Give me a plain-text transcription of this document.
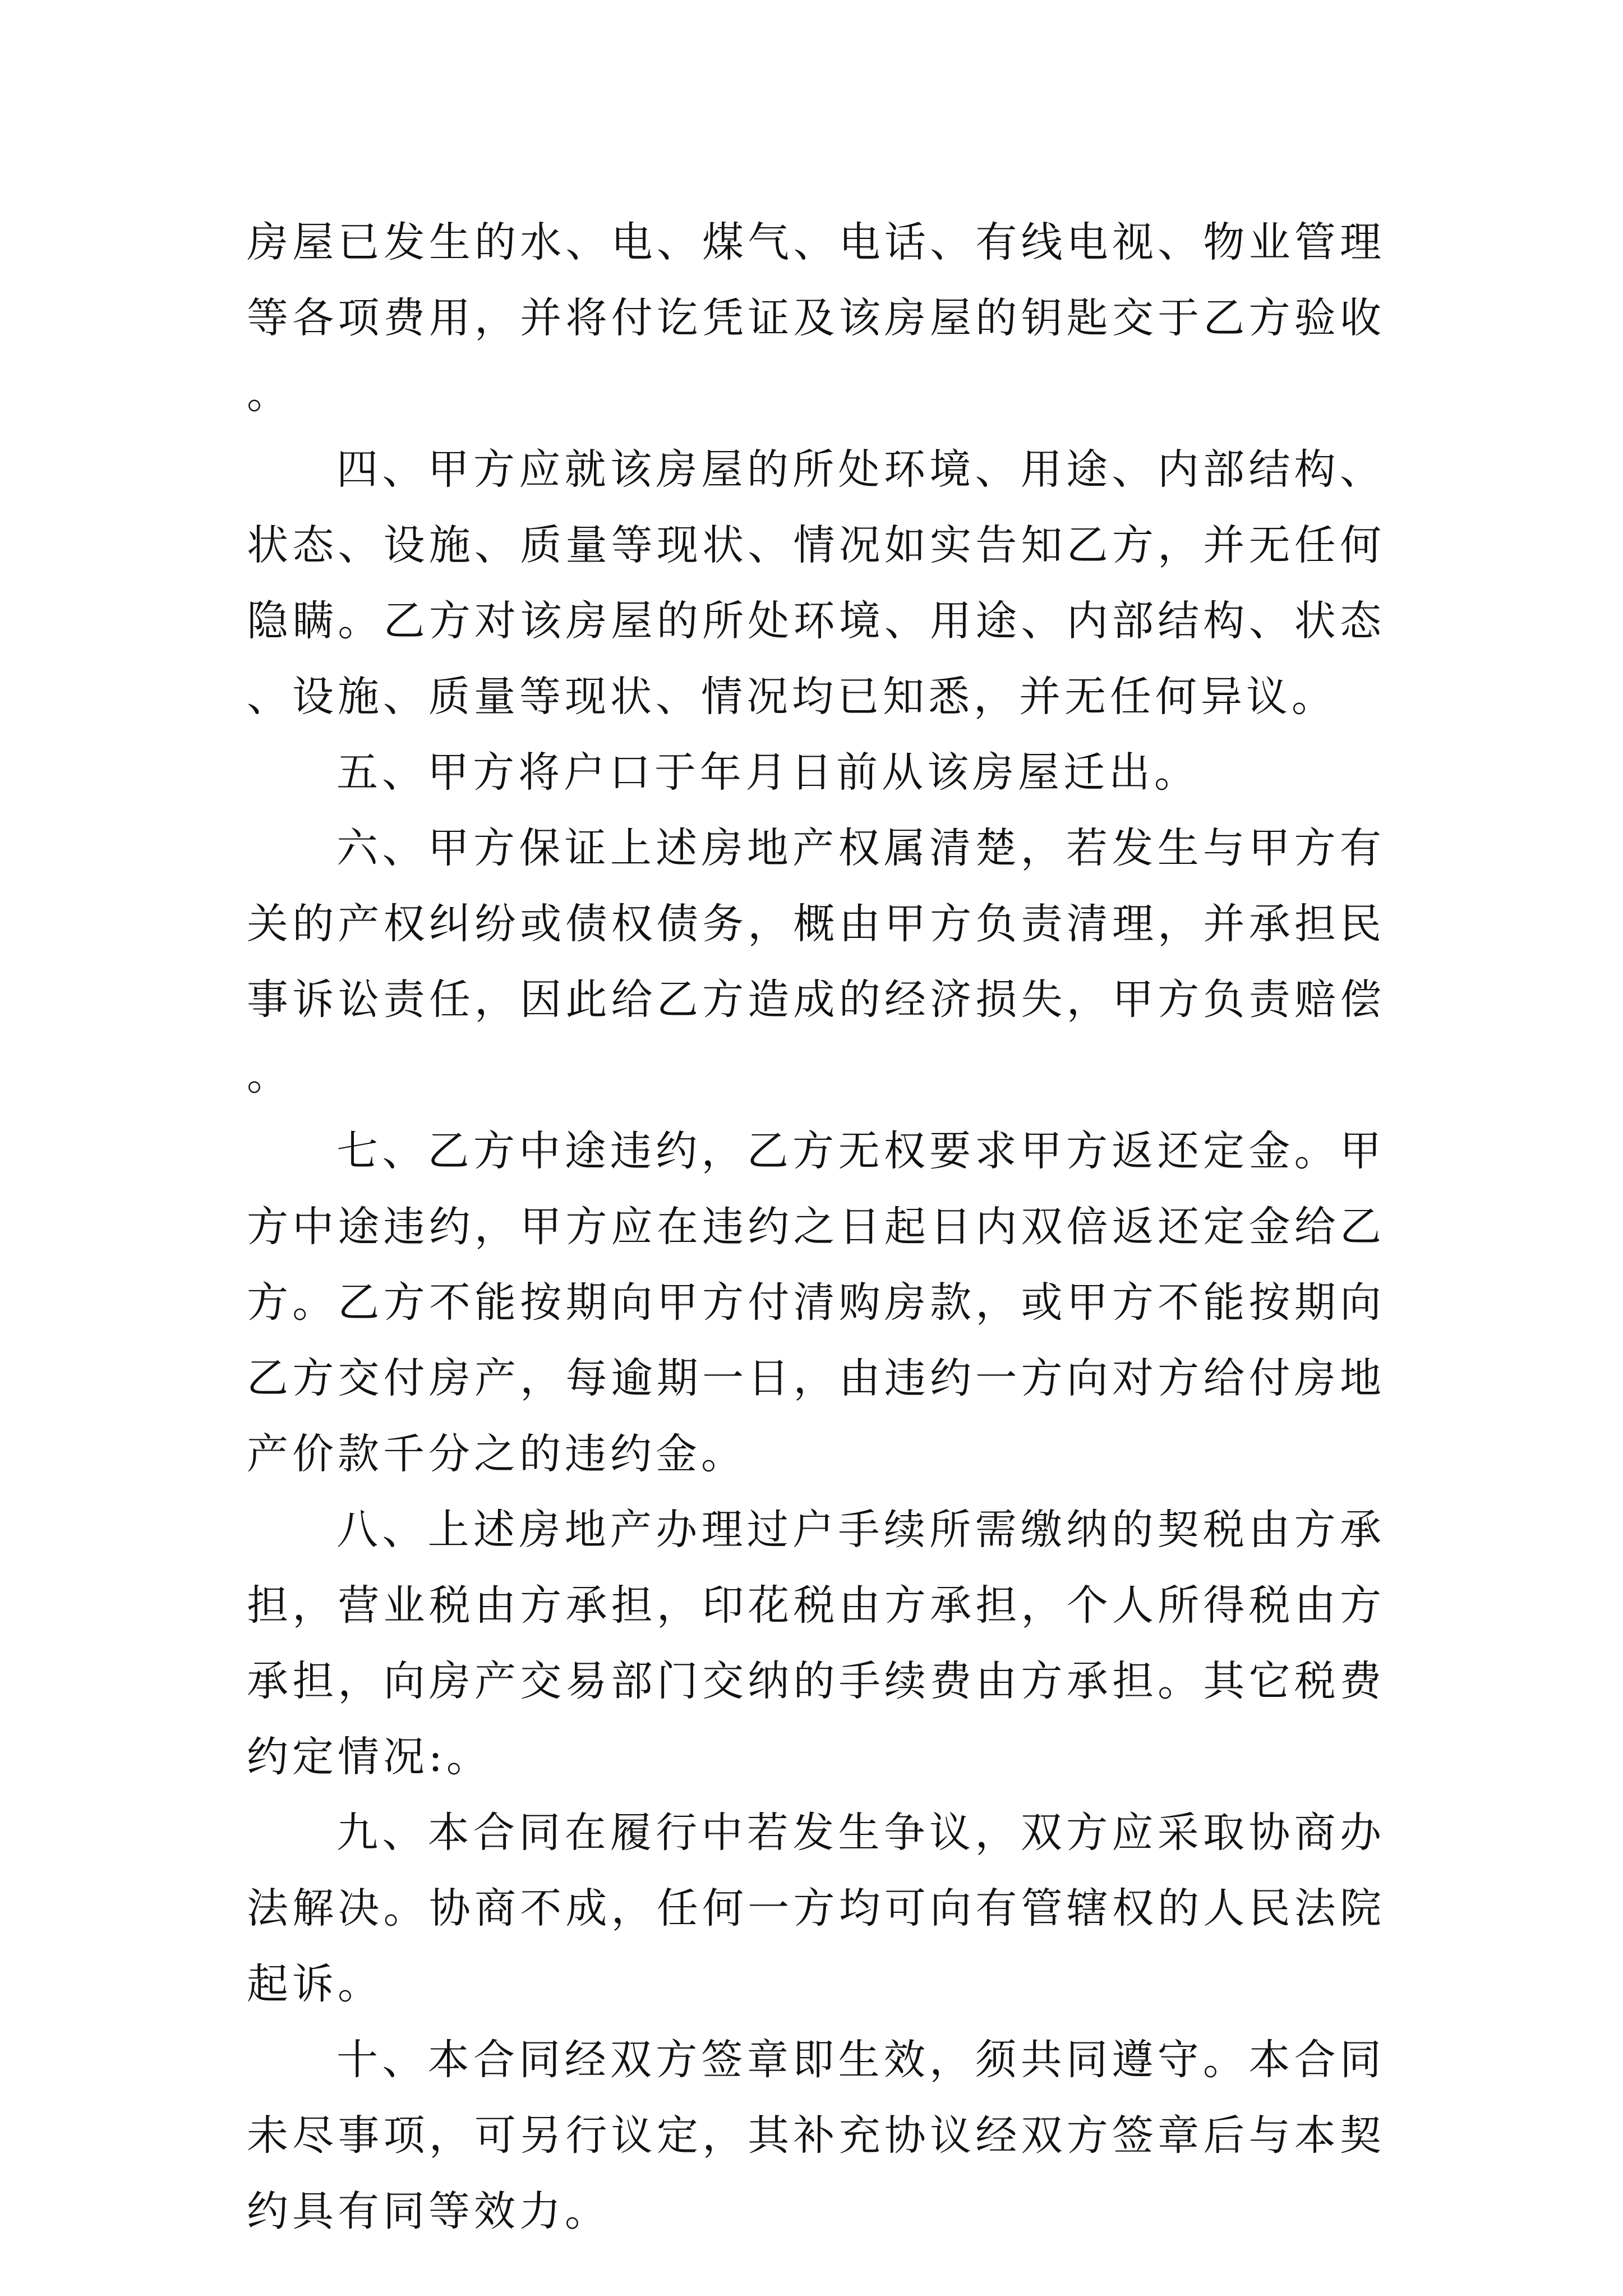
房屋已发生的水、电、煤气、电话、有线电视、物业管理等各项费用，并将付讫凭证及该房屋的钥匙交于乙方验收。

四、甲方应就该房屋的所处环境、用途、内部结构、状态、设施、质量等现状、情况如实告知乙方，并无任何隐瞒。乙方对该房屋的所处环境、用途、内部结构、状态、设施、质量等现状、情况均已知悉，并无任何异议。

五、甲方将户口于年月日前从该房屋迁出。

六、甲方保证上述房地产权属清楚，若发生与甲方有关的产权纠纷或债权债务，概由甲方负责清理，并承担民事诉讼责任，因此给乙方造成的经济损失，甲方负责赔偿。

七、乙方中途违约，乙方无权要求甲方返还定金。甲方中途违约，甲方应在违约之日起日内双倍返还定金给乙方。乙方不能按期向甲方付清购房款，或甲方不能按期向乙方交付房产，每逾期一日，由违约一方向对方给付房地产价款千分之的违约金。

八、上述房地产办理过户手续所需缴纳的契税由方承担，营业税由方承担，印花税由方承担，个人所得税由方承担，向房产交易部门交纳的手续费由方承担。其它税费约定情况:。

九、本合同在履行中若发生争议，双方应采取协商办法解决。协商不成，任何一方均可向有管辖权的人民法院起诉。

十、本合同经双方签章即生效，须共同遵守。本合同未尽事项，可另行议定，其补充协议经双方签章后与本契约具有同等效力。
